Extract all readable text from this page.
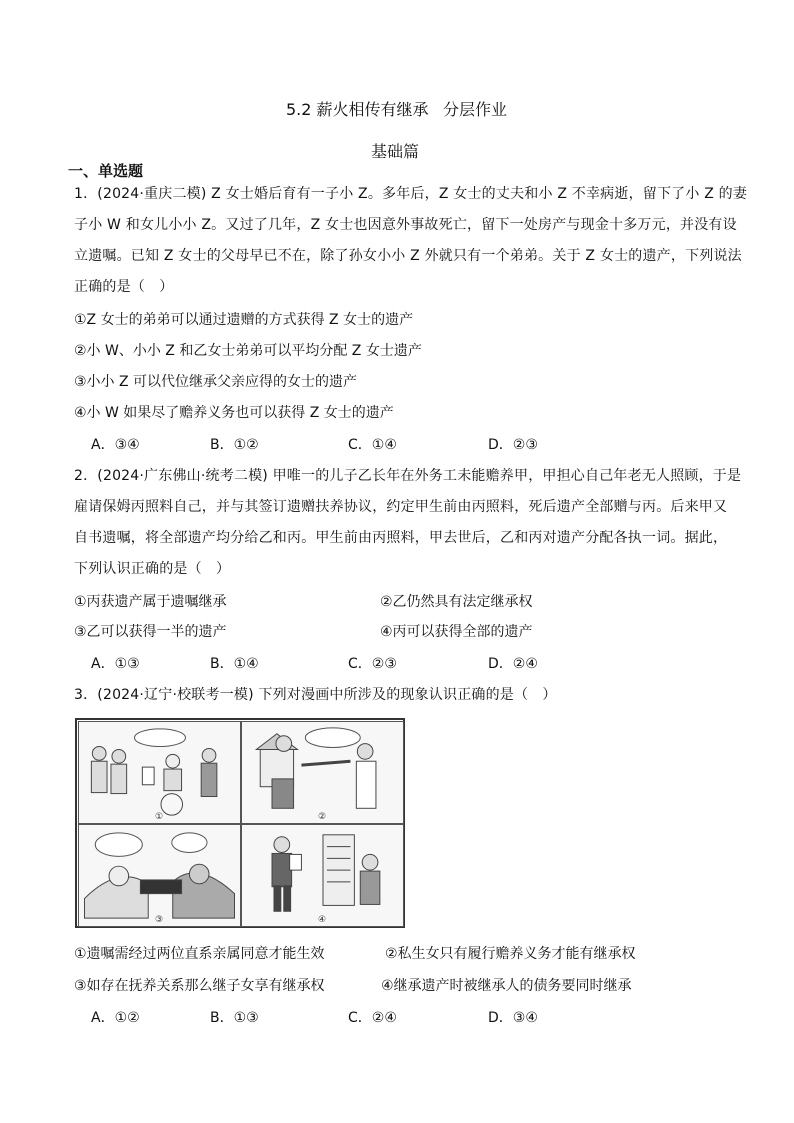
5.2 薪火相传有继承 分层作业
基础篇
一、单选题
1．(2024·重庆二模) Z 女士婚后育有一子小 Z。多年后，Z 女士的丈夫和小 Z 不幸病逝，留下了小 Z 的妻
子小 W 和女儿小小 Z。又过了几年，Z 女士也因意外事故死亡，留下一处房产与现金十多万元，并没有设
立遗嘱。已知 Z 女士的父母早已不在，除了孙女小小 Z 外就只有一个弟弟。关于 Z 女士的遗产，下列说法
正确的是（　）
①Z 女士的弟弟可以通过遗赠的方式获得 Z 女士的遗产
②小 W、小小 Z 和乙女士弟弟可以平均分配 Z 女士遗产
③小小 Z 可以代位继承父亲应得的女士的遗产
④小 W 如果尽了赡养义务也可以获得 Z 女士的遗产
A．③④	B．①②	C．①④	D．②③
2．(2024·广东佛山·统考二模) 甲唯一的儿子乙长年在外务工未能赡养甲，甲担心自己年老无人照顾，于是
雇请保姆丙照料自己，并与其签订遗赠扶养协议，约定甲生前由丙照料，死后遗产全部赠与丙。后来甲又
自书遗嘱，将全部遗产均分给乙和丙。甲生前由丙照料，甲去世后，乙和丙对遗产分配各执一词。据此，
下列认识正确的是（　）
①丙获遗产属于遗嘱继承	②乙仍然具有法定继承权
③乙可以获得一半的遗产	④丙可以获得全部的遗产
A．①③	B．①④	C．②③	D．②④
3．(2024·辽宁·校联考一模) 下列对漫画中所涉及的现象认识正确的是（　）
①	②
③	④
①遗嘱需经过两位直系亲属同意才能生效	②私生女只有履行赡养义务才能有继承权
③如存在抚养关系那么继子女享有继承权	④继承遗产时被继承人的债务要同时继承
A．①②	B．①③	C．②④	D．③④
